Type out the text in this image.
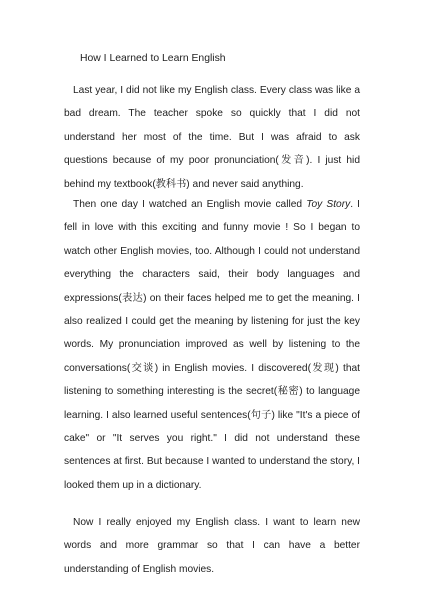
How I Learned to Learn English

Last year, I did not like my English class. Every class was like a bad dream. The teacher spoke so quickly that I did not understand her most of the time. But I was afraid to ask questions because of my poor pronunciation(发音). I just hid behind my textbook(教科书) and never said anything.

Then one day I watched an English movie called Toy Story. I fell in love with this exciting and funny movie ! So I began to watch other English movies, too. Although I could not understand everything the characters said, their body languages and expressions(表达) on their faces helped me to get the meaning. I also realized I could get the meaning by listening for just the key words. My pronunciation improved as well by listening to the conversations(交谈) in English movies. I discovered(发现) that listening to something interesting is the secret(秘密) to language learning. I also learned useful sentences(句子) like "It's a piece of cake" or "It serves you right." I did not understand these sentences at first. But because I wanted to understand the story, I looked them up in a dictionary.

Now I really enjoyed my English class. I want to learn new words and more grammar so that I can have a better understanding of English movies.
